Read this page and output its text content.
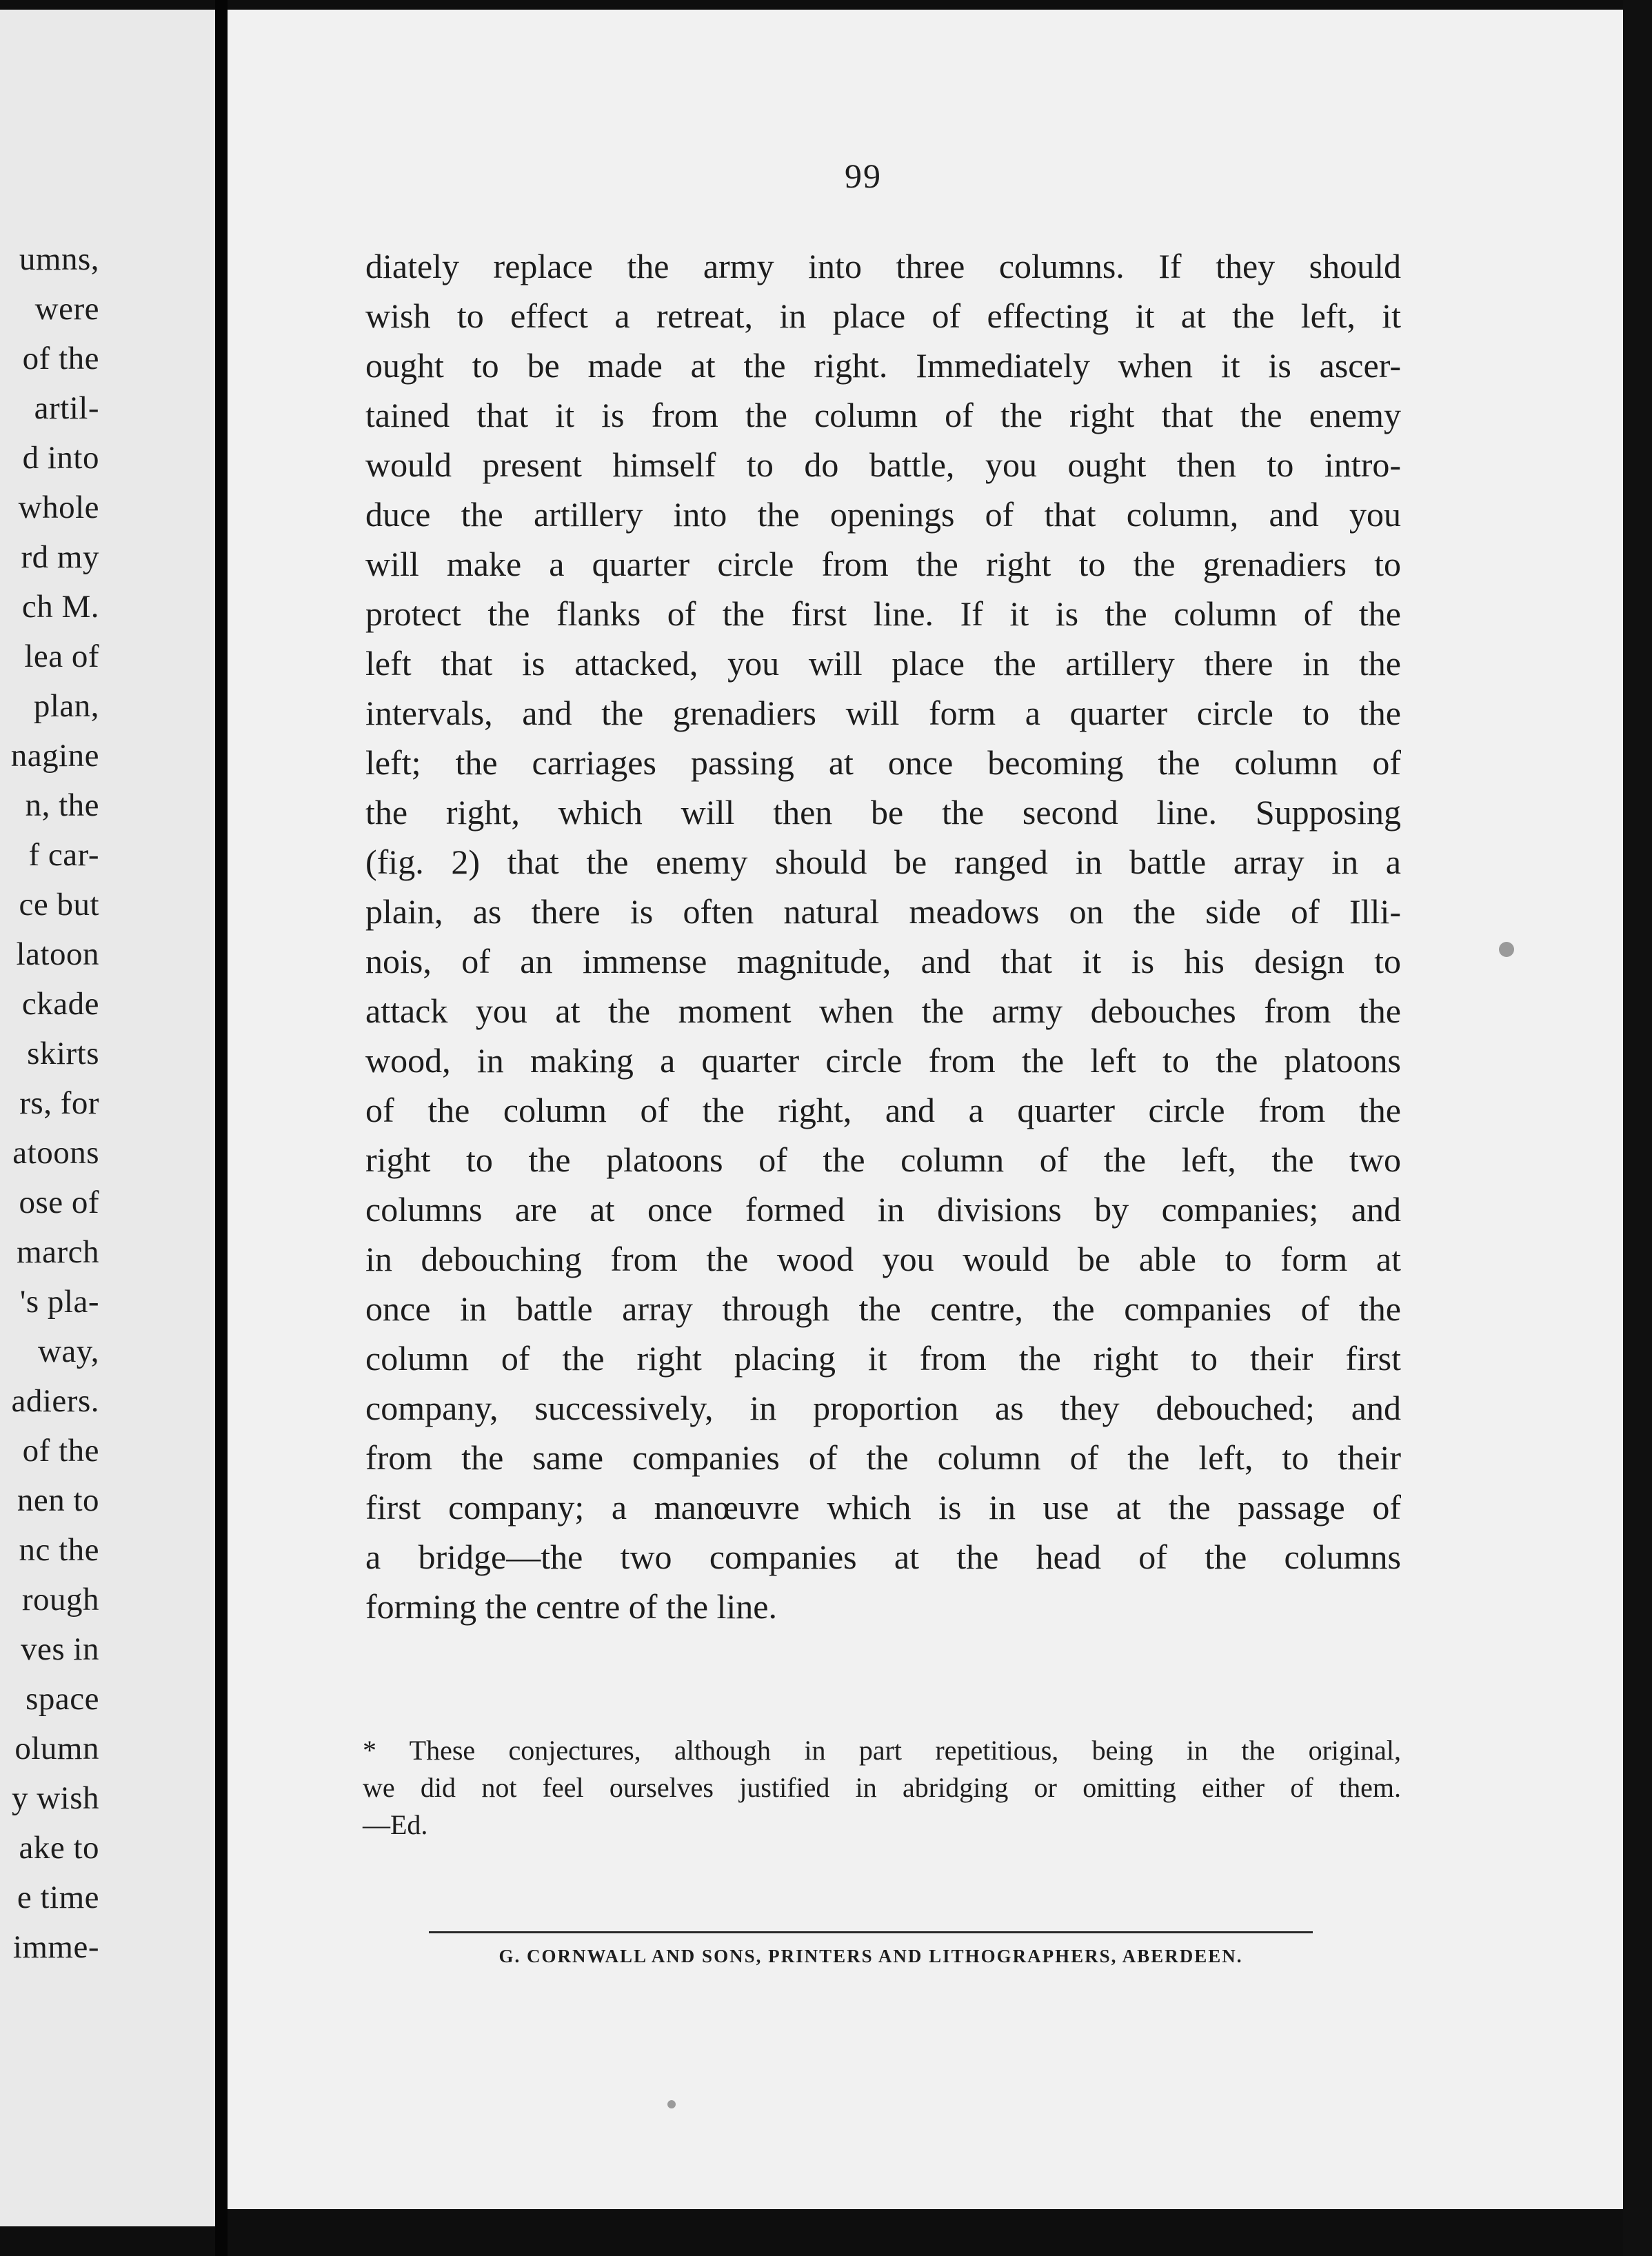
umns,
were
of the
artil-
d into
whole
rd my
ch M.
lea of
plan,
nagine
n, the
f car-
ce but
latoon
ckade
skirts
rs, for
atoons
ose of
march
's pla-
way,
adiers.
of the
nen to
nc the
rough
ves in
space
olumn
y wish
ake to
e time
imme-
99
diately replace the army into three columns. If they should
wish to effect a retreat, in place of effecting it at the left, it
ought to be made at the right. Immediately when it is ascer-
tained that it is from the column of the right that the enemy
would present himself to do battle, you ought then to intro-
duce the artillery into the openings of that column, and you
will make a quarter circle from the right to the grenadiers to
protect the flanks of the first line. If it is the column of the
left that is attacked, you will place the artillery there in the
intervals, and the grenadiers will form a quarter circle to the
left; the carriages passing at once becoming the column of
the right, which will then be the second line. Supposing
(fig. 2) that the enemy should be ranged in battle array in a
plain, as there is often natural meadows on the side of Illi-
nois, of an immense magnitude, and that it is his design to
attack you at the moment when the army debouches from the
wood, in making a quarter circle from the left to the platoons
of the column of the right, and a quarter circle from the
right to the platoons of the column of the left, the two
columns are at once formed in divisions by companies; and
in debouching from the wood you would be able to form at
once in battle array through the centre, the companies of the
column of the right placing it from the right to their first
company, successively, in proportion as they debouched; and
from the same companies of the column of the left, to their
first company; a manœuvre which is in use at the passage of
a bridge—the two companies at the head of the columns
forming the centre of the line.
* These conjectures, although in part repetitious, being in the original,
we did not feel ourselves justified in abridging or omitting either of them.
—Ed.
G. CORNWALL AND SONS, PRINTERS AND LITHOGRAPHERS, ABERDEEN.
